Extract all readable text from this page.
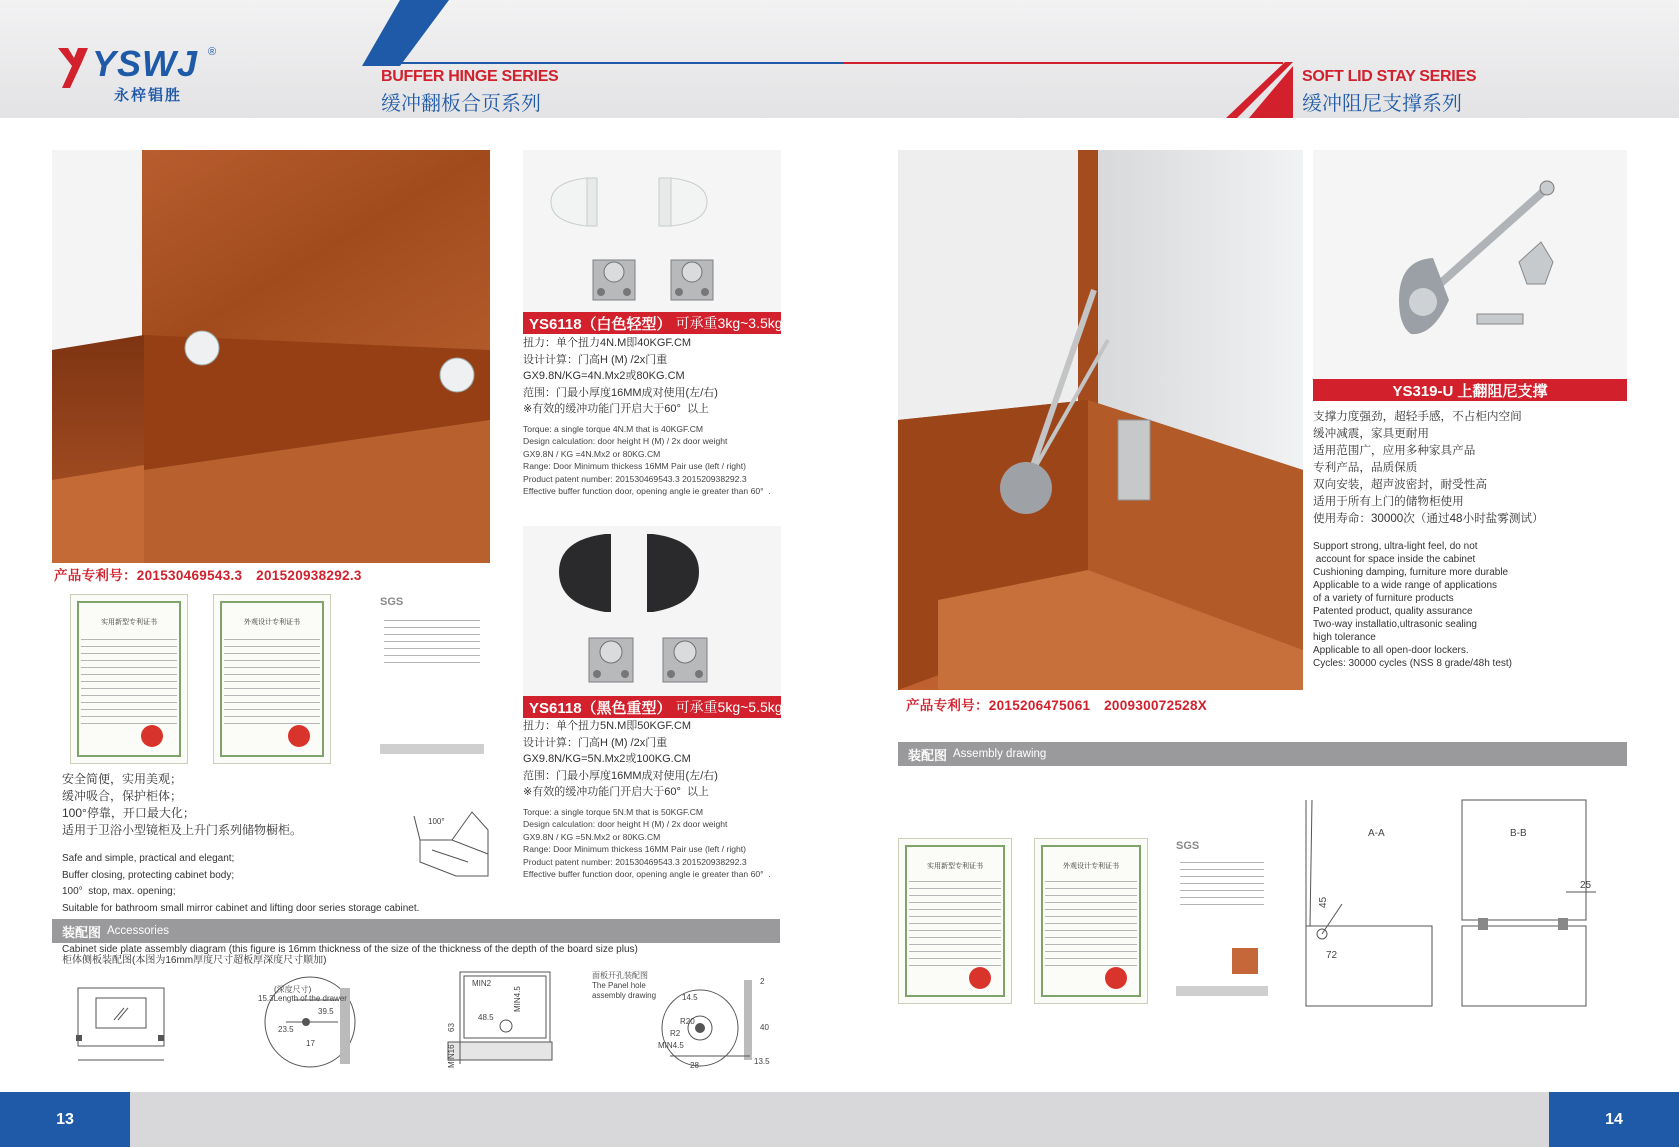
YSWJ ®
永梓锠胜
BUFFER HINGE SERIES
缓冲翻板合页系列
SOFT LID STAY SERIES
缓冲阻尼支撑系列
产品专利号：201530469543.3　201520938292.3
实用新型专利证书	外观设计专利证书
SGS
安全简便，实用美观；
缓冲吸合，保护柜体；
100°停靠，开口最大化；
适用于卫浴小型镜柜及上升门系列储物橱柜。
Safe and simple, practical and elegant;
Buffer closing, protecting cabinet body;
100°  stop, max. opening;
Suitable for bathroom small mirror cabinet and lifting door series storage cabinet.
100°
装配图 Accessories
Cabinet side plate assembly diagram (this figure is 16mm thickness of the size of the thickness of the depth of the board size plus)
柜体侧板装配图(本图为16mm厚度尺寸超板厚深度尺寸顺加)
(深度尺寸)
15.3Length of the drawer
39.5
23.5
17
MIN2
48.5
MIN4.5
63
MIN16
面板开孔装配图
The Panel hole
assembly drawing	14.5
R20
R2
MIN4.5
28
40
13.5
2
YS6118（白色轻型） 可承重3kg~3.5kg
扭力：单个扭力4N.M即40KGF.CM
设计计算：门高H (M) /2x门重
GX9.8N/KG=4N.Mx2或80KG.CM
范围：门最小厚度16MM成对使用(左/右)
※有效的缓冲功能门开启大于60°  以上
Torque: a single torque 4N.M that is 40KGF.CM
Design calculation: door height H (M) / 2x door weight
GX9.8N / KG =4N.Mx2 or 80KG.CM
Range: Door Minimum thickess 16MM Pair use (left / right)
Product patent number: 201530469543.3 201520938292.3
Effective buffer function door, opening angle ie greater than 60°  .
YS6118（黑色重型） 可承重5kg~5.5kg
扭力：单个扭力5N.M即50KGF.CM
设计计算：门高H (M) /2x门重
GX9.8N/KG=5N.Mx2或100KG.CM
范围：门最小厚度16MM成对使用(左/右)
※有效的缓冲功能门开启大于60°  以上
Torque: a single torque 5N.M that is 50KGF.CM
Design calculation: door height H (M) / 2x door weight
GX9.8N / KG =5N.Mx2 or 80KG.CM
Range: Door Minimum thickess 16MM Pair use (left / right)
Product patent number: 201530469543.3 201520938292.3
Effective buffer function door, opening angle ie greater than 60°  .
产品专利号：2015206475061　200930072528X
YS319-U 上翻阻尼支撑
支撑力度强劲，超轻手感，不占柜内空间
缓冲减震，家具更耐用
适用范围广，应用多种家具产品
专利产品，品质保质
双向安装，超声波密封，耐受性高
适用于所有上门的储物柜使用
使用寿命：30000次（通过48小时盐雾测试）
Support strong, ultra-light feel, do not
account for space inside the cabinet
Cushioning damping, furniture more durable
Applicable to a wide range of applications
of a variety of furniture products
Patented product, quality assurance
Two-way installatio,ultrasonic sealing
high tolerance
Applicable to all open-door lockers.
Cycles: 30000 cycles (NSS 8 grade/48h test)
装配图 Assembly drawing
实用新型专利证书	外观设计专利证书
SGS
A-A
45
72
B-B
25
13	14
